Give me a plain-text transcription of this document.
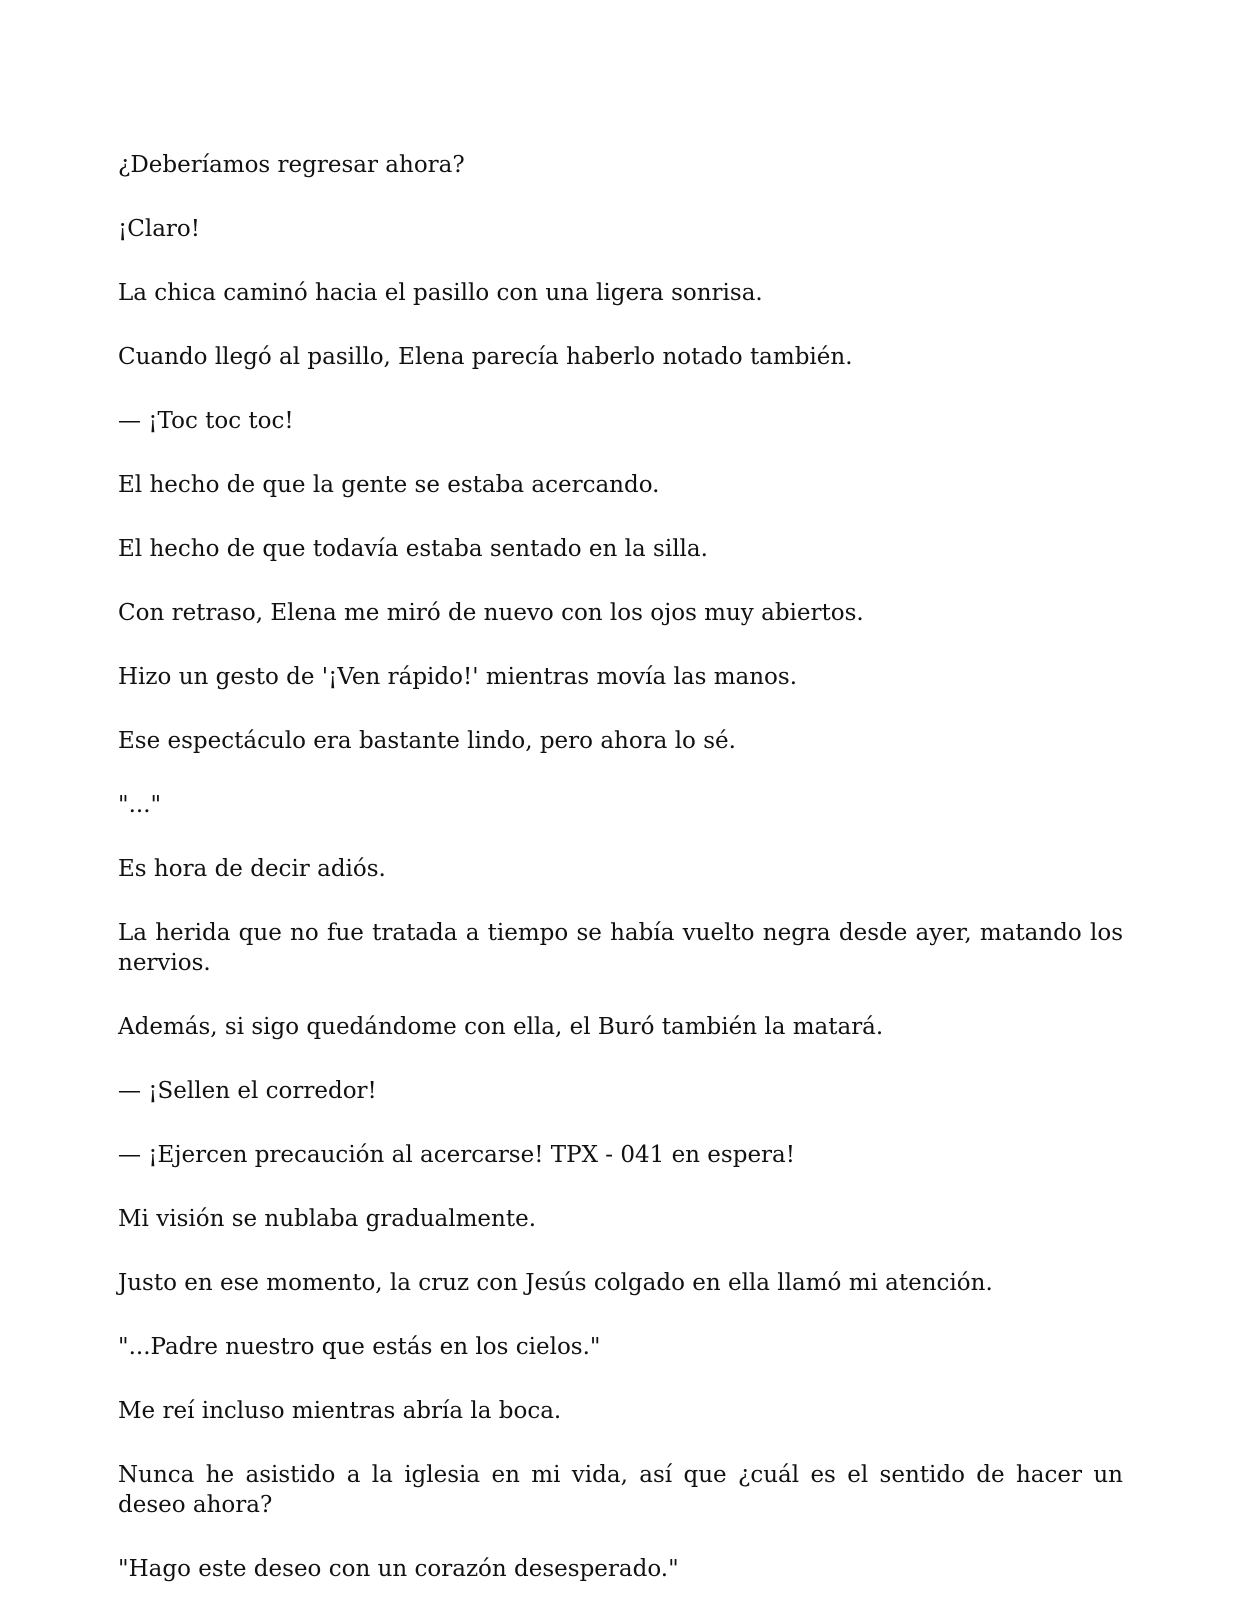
¿Deberíamos regresar ahora?

¡Claro!

La chica caminó hacia el pasillo con una ligera sonrisa.

Cuando llegó al pasillo, Elena parecía haberlo notado también.

— ¡Toc toc toc!

El hecho de que la gente se estaba acercando.

El hecho de que todavía estaba sentado en la silla.

Con retraso, Elena me miró de nuevo con los ojos muy abiertos.

Hizo un gesto de '¡Ven rápido!' mientras movía las manos.

Ese espectáculo era bastante lindo, pero ahora lo sé.

"..."

Es hora de decir adiós.

La herida que no fue tratada a tiempo se había vuelto negra desde ayer, matando los nervios.

Además, si sigo quedándome con ella, el Buró también la matará.

— ¡Sellen el corredor!

— ¡Ejercen precaución al acercarse! TPX - 041 en espera!

Mi visión se nublaba gradualmente.

Justo en ese momento, la cruz con Jesús colgado en ella llamó mi atención.

"...Padre nuestro que estás en los cielos."

Me reí incluso mientras abría la boca.

Nunca he asistido a la iglesia en mi vida, así que ¿cuál es el sentido de hacer un deseo ahora?

"Hago este deseo con un corazón desesperado."
